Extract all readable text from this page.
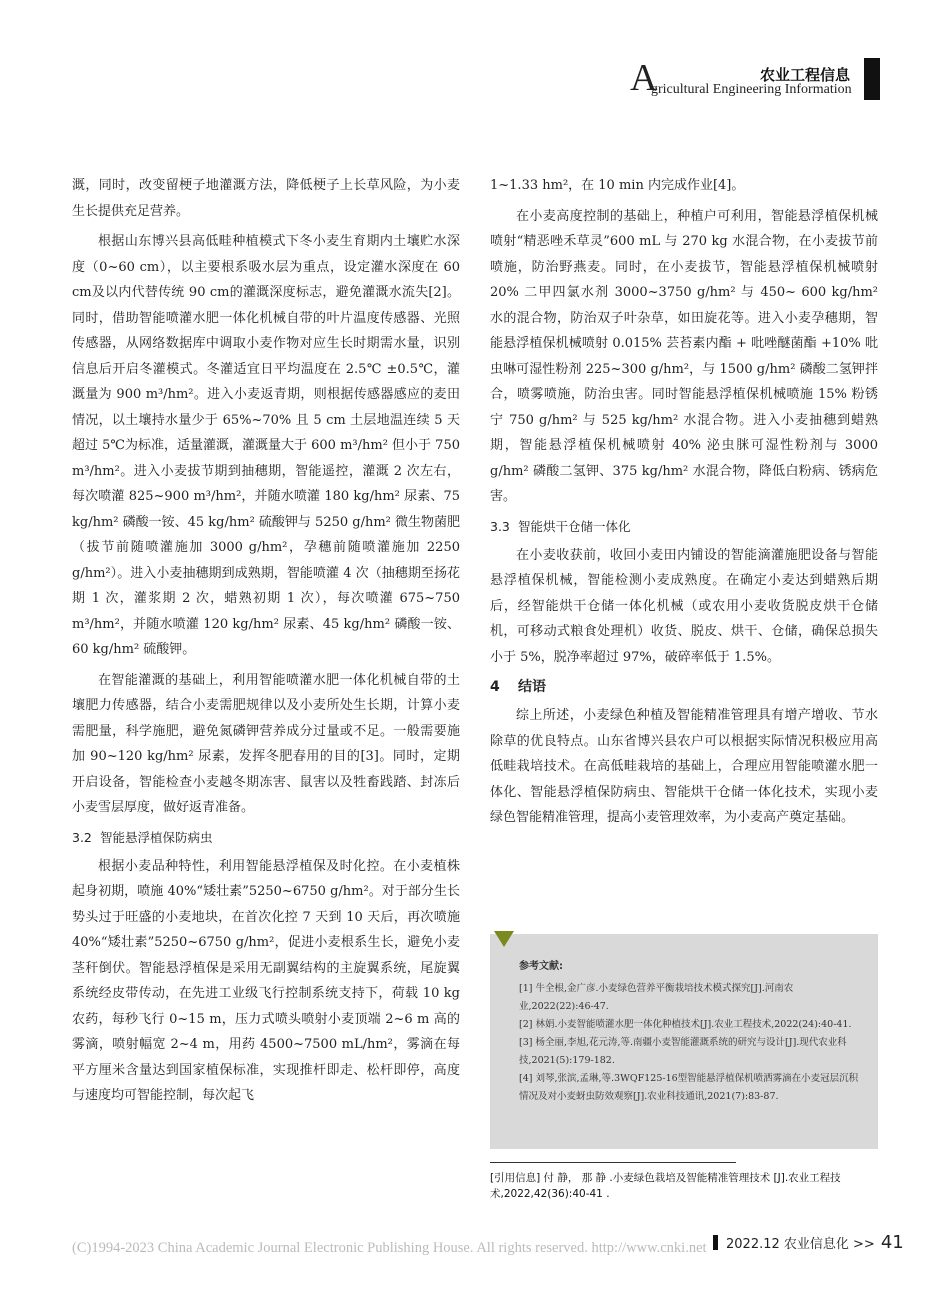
A	农业工程信息
gricultural Engineering Information

溉，同时，改变留梗子地灌溉方法，降低梗子上长草风险，为小麦生长提供充足营养。

根据山东博兴县高低畦种植模式下冬小麦生育期内土壤贮水深度（0~60 cm），以主要根系吸水层为重点，设定灌水深度在 60 cm及以内代替传统 90 cm的灌溉深度标志，避免灌溉水流失[2]。同时，借助智能喷灌水肥一体化机械自带的叶片温度传感器、光照传感器，从网络数据库中调取小麦作物对应生长时期需水量，识别信息后开启冬灌模式。冬灌适宜日平均温度在 2.5℃ ±0.5℃，灌溉量为 900 m³/hm²。进入小麦返青期，则根据传感器感应的麦田情况，以土壤持水量少于 65%~70% 且 5 cm 土层地温连续 5 天超过 5℃为标准，适量灌溉，灌溉量大于 600 m³/hm² 但小于 750 m³/hm²。进入小麦拔节期到抽穗期，智能遥控，灌溉 2 次左右，每次喷灌 825~900 m³/hm²，并随水喷灌 180 kg/hm² 尿素、75 kg/hm² 磷酸一铵、45 kg/hm² 硫酸钾与 5250 g/hm² 微生物菌肥（拔节前随喷灌施加 3000 g/hm²，孕穗前随喷灌施加 2250 g/hm²）。进入小麦抽穗期到成熟期，智能喷灌 4 次（抽穗期至扬花期 1 次，灌浆期 2 次，蜡熟初期 1 次），每次喷灌 675~750 m³/hm²，并随水喷灌 120 kg/hm² 尿素、45 kg/hm² 磷酸一铵、60 kg/hm² 硫酸钾。

在智能灌溉的基础上，利用智能喷灌水肥一体化机械自带的土壤肥力传感器，结合小麦需肥规律以及小麦所处生长期，计算小麦需肥量，科学施肥，避免氮磷钾营养成分过量或不足。一般需要施加 90~120 kg/hm² 尿素，发挥冬肥春用的目的[3]。同时，定期开启设备，智能检查小麦越冬期冻害、鼠害以及牲畜践踏、封冻后小麦雪层厚度，做好返青准备。

3.2 智能悬浮植保防病虫

根据小麦品种特性，利用智能悬浮植保及时化控。在小麦植株起身初期，喷施 40%“矮壮素”5250~6750 g/hm²。对于部分生长势头过于旺盛的小麦地块，在首次化控 7 天到 10 天后，再次喷施 40%“矮壮素”5250~6750 g/hm²，促进小麦根系生长，避免小麦茎秆倒伏。智能悬浮植保是采用无副翼结构的主旋翼系统，尾旋翼系统经皮带传动，在先进工业级飞行控制系统支持下，荷载 10 kg 农药，每秒飞行 0~15 m，压力式喷头喷射小麦顶端 2~6 m 高的雾滴，喷射幅宽 2~4 m，用药 4500~7500 mL/hm²，雾滴在每平方厘米含量达到国家植保标准，实现推杆即走、松杆即停，高度与速度均可智能控制，每次起飞

1~1.33 hm²，在 10 min 内完成作业[4]。

在小麦高度控制的基础上，种植户可利用，智能悬浮植保机械喷射“精恶唑禾草灵”600 mL 与 270 kg 水混合物，在小麦拔节前喷施，防治野燕麦。同时，在小麦拔节，智能悬浮植保机械喷射 20% 二甲四氯水剂 3000~3750 g/hm² 与 450~ 600 kg/hm² 水的混合物，防治双子叶杂草，如田旋花等。进入小麦孕穗期，智能悬浮植保机械喷射 0.015% 芸苔素内酯 + 吡唑醚菌酯 +10% 吡虫啉可湿性粉剂 225~300 g/hm²，与 1500 g/hm² 磷酸二氢钾拌合，喷雾喷施，防治虫害。同时智能悬浮植保机械喷施 15% 粉锈宁 750 g/hm² 与 525 kg/hm² 水混合物。进入小麦抽穗到蜡熟期，智能悬浮植保机械喷射 40% 泌虫脒可湿性粉剂与 3000 g/hm² 磷酸二氢钾、375 kg/hm² 水混合物，降低白粉病、锈病危害。

3.3 智能烘干仓储一体化

在小麦收获前，收回小麦田内铺设的智能滴灌施肥设备与智能悬浮植保机械，智能检测小麦成熟度。在确定小麦达到蜡熟后期后，经智能烘干仓储一体化机械（或农用小麦收货脱皮烘干仓储机，可移动式粮食处理机）收货、脱皮、烘干、仓储，确保总损失小于 5%，脱净率超过 97%，破碎率低于 1.5%。

4 结语

综上所述，小麦绿色种植及智能精准管理具有增产增收、节水除草的优良特点。山东省博兴县农户可以根据实际情况积极应用高低畦栽培技术。在高低畦栽培的基础上，合理应用智能喷灌水肥一体化、智能悬浮植保防病虫、智能烘干仓储一体化技术，实现小麦绿色智能精准管理，提高小麦管理效率，为小麦高产奠定基础。

参考文献:
[1] 牛全根,金广彦.小麦绿色营养平衡栽培技术模式探究[J].河南农业,2022(22):46-47.
[2] 林娟.小麦智能喷灌水肥一体化种植技术[J].农业工程技术,2022(24):40-41.
[3] 杨全丽,李旭,花元涛,等.南疆小麦智能灌溉系统的研究与设计[J].现代农业科技,2021(5):179-182.
[4] 刘琴,张滨,孟琳,等.3WQF125-16型智能悬浮植保机喷洒雾滴在小麦冠层沉积情况及对小麦蚜虫防效观察[J].农业科技通讯,2021(7):83-87.
[引用信息] 付 静， 那 静 .小麦绿色栽培及智能精准管理技术 [J].农业工程技术,2022,42(36):40-41 .
(C)1994-2023 China Academic Journal Electronic Publishing House. All rights reserved. http://www.cnki.net 2022.12 农业信息化 >> 41
